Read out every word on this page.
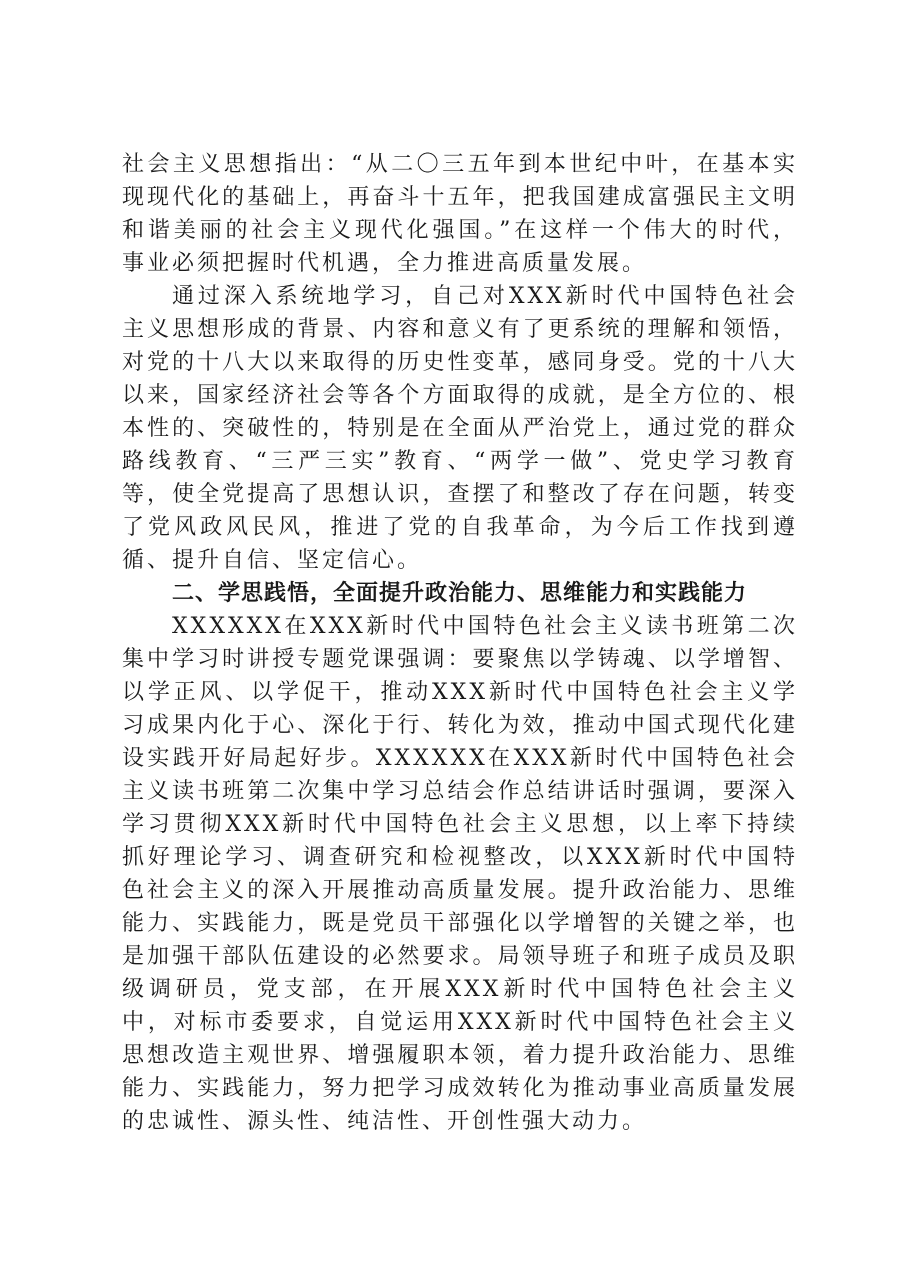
社会主义思想指出：“从二〇三五年到本世纪中叶，在基本实现现代化的基础上，再奋斗十五年，把我国建成富强民主文明和谐美丽的社会主义现代化强国。”在这样一个伟大的时代，事业必须把握时代机遇，全力推进高质量发展。

通过深入系统地学习，自己对XXX新时代中国特色社会主义思想形成的背景、内容和意义有了更系统的理解和领悟，对党的十八大以来取得的历史性变革，感同身受。党的十八大以来，国家经济社会等各个方面取得的成就，是全方位的、根本性的、突破性的，特别是在全面从严治党上，通过党的群众路线教育、“三严三实”教育、“两学一做”、党史学习教育等，使全党提高了思想认识，查摆了和整改了存在问题，转变了党风政风民风，推进了党的自我革命，为今后工作找到遵循、提升自信、坚定信心。

二、学思践悟，全面提升政治能力、思维能力和实践能力

XXXXXX在XXX新时代中国特色社会主义读书班第二次集中学习时讲授专题党课强调：要聚焦以学铸魂、以学增智、以学正风、以学促干，推动XXX新时代中国特色社会主义学习成果内化于心、深化于行、转化为效，推动中国式现代化建设实践开好局起好步。XXXXXX在XXX新时代中国特色社会主义读书班第二次集中学习总结会作总结讲话时强调，要深入学习贯彻XXX新时代中国特色社会主义思想，以上率下持续抓好理论学习、调查研究和检视整改，以XXX新时代中国特色社会主义的深入开展推动高质量发展。提升政治能力、思维能力、实践能力，既是党员干部强化以学增智的关键之举，也是加强干部队伍建设的必然要求。局领导班子和班子成员及职级调研员，党支部，在开展XXX新时代中国特色社会主义中，对标市委要求，自觉运用XXX新时代中国特色社会主义思想改造主观世界、增强履职本领，着力提升政治能力、思维能力、实践能力，努力把学习成效转化为推动事业高质量发展的忠诚性、源头性、纯洁性、开创性强大动力。
